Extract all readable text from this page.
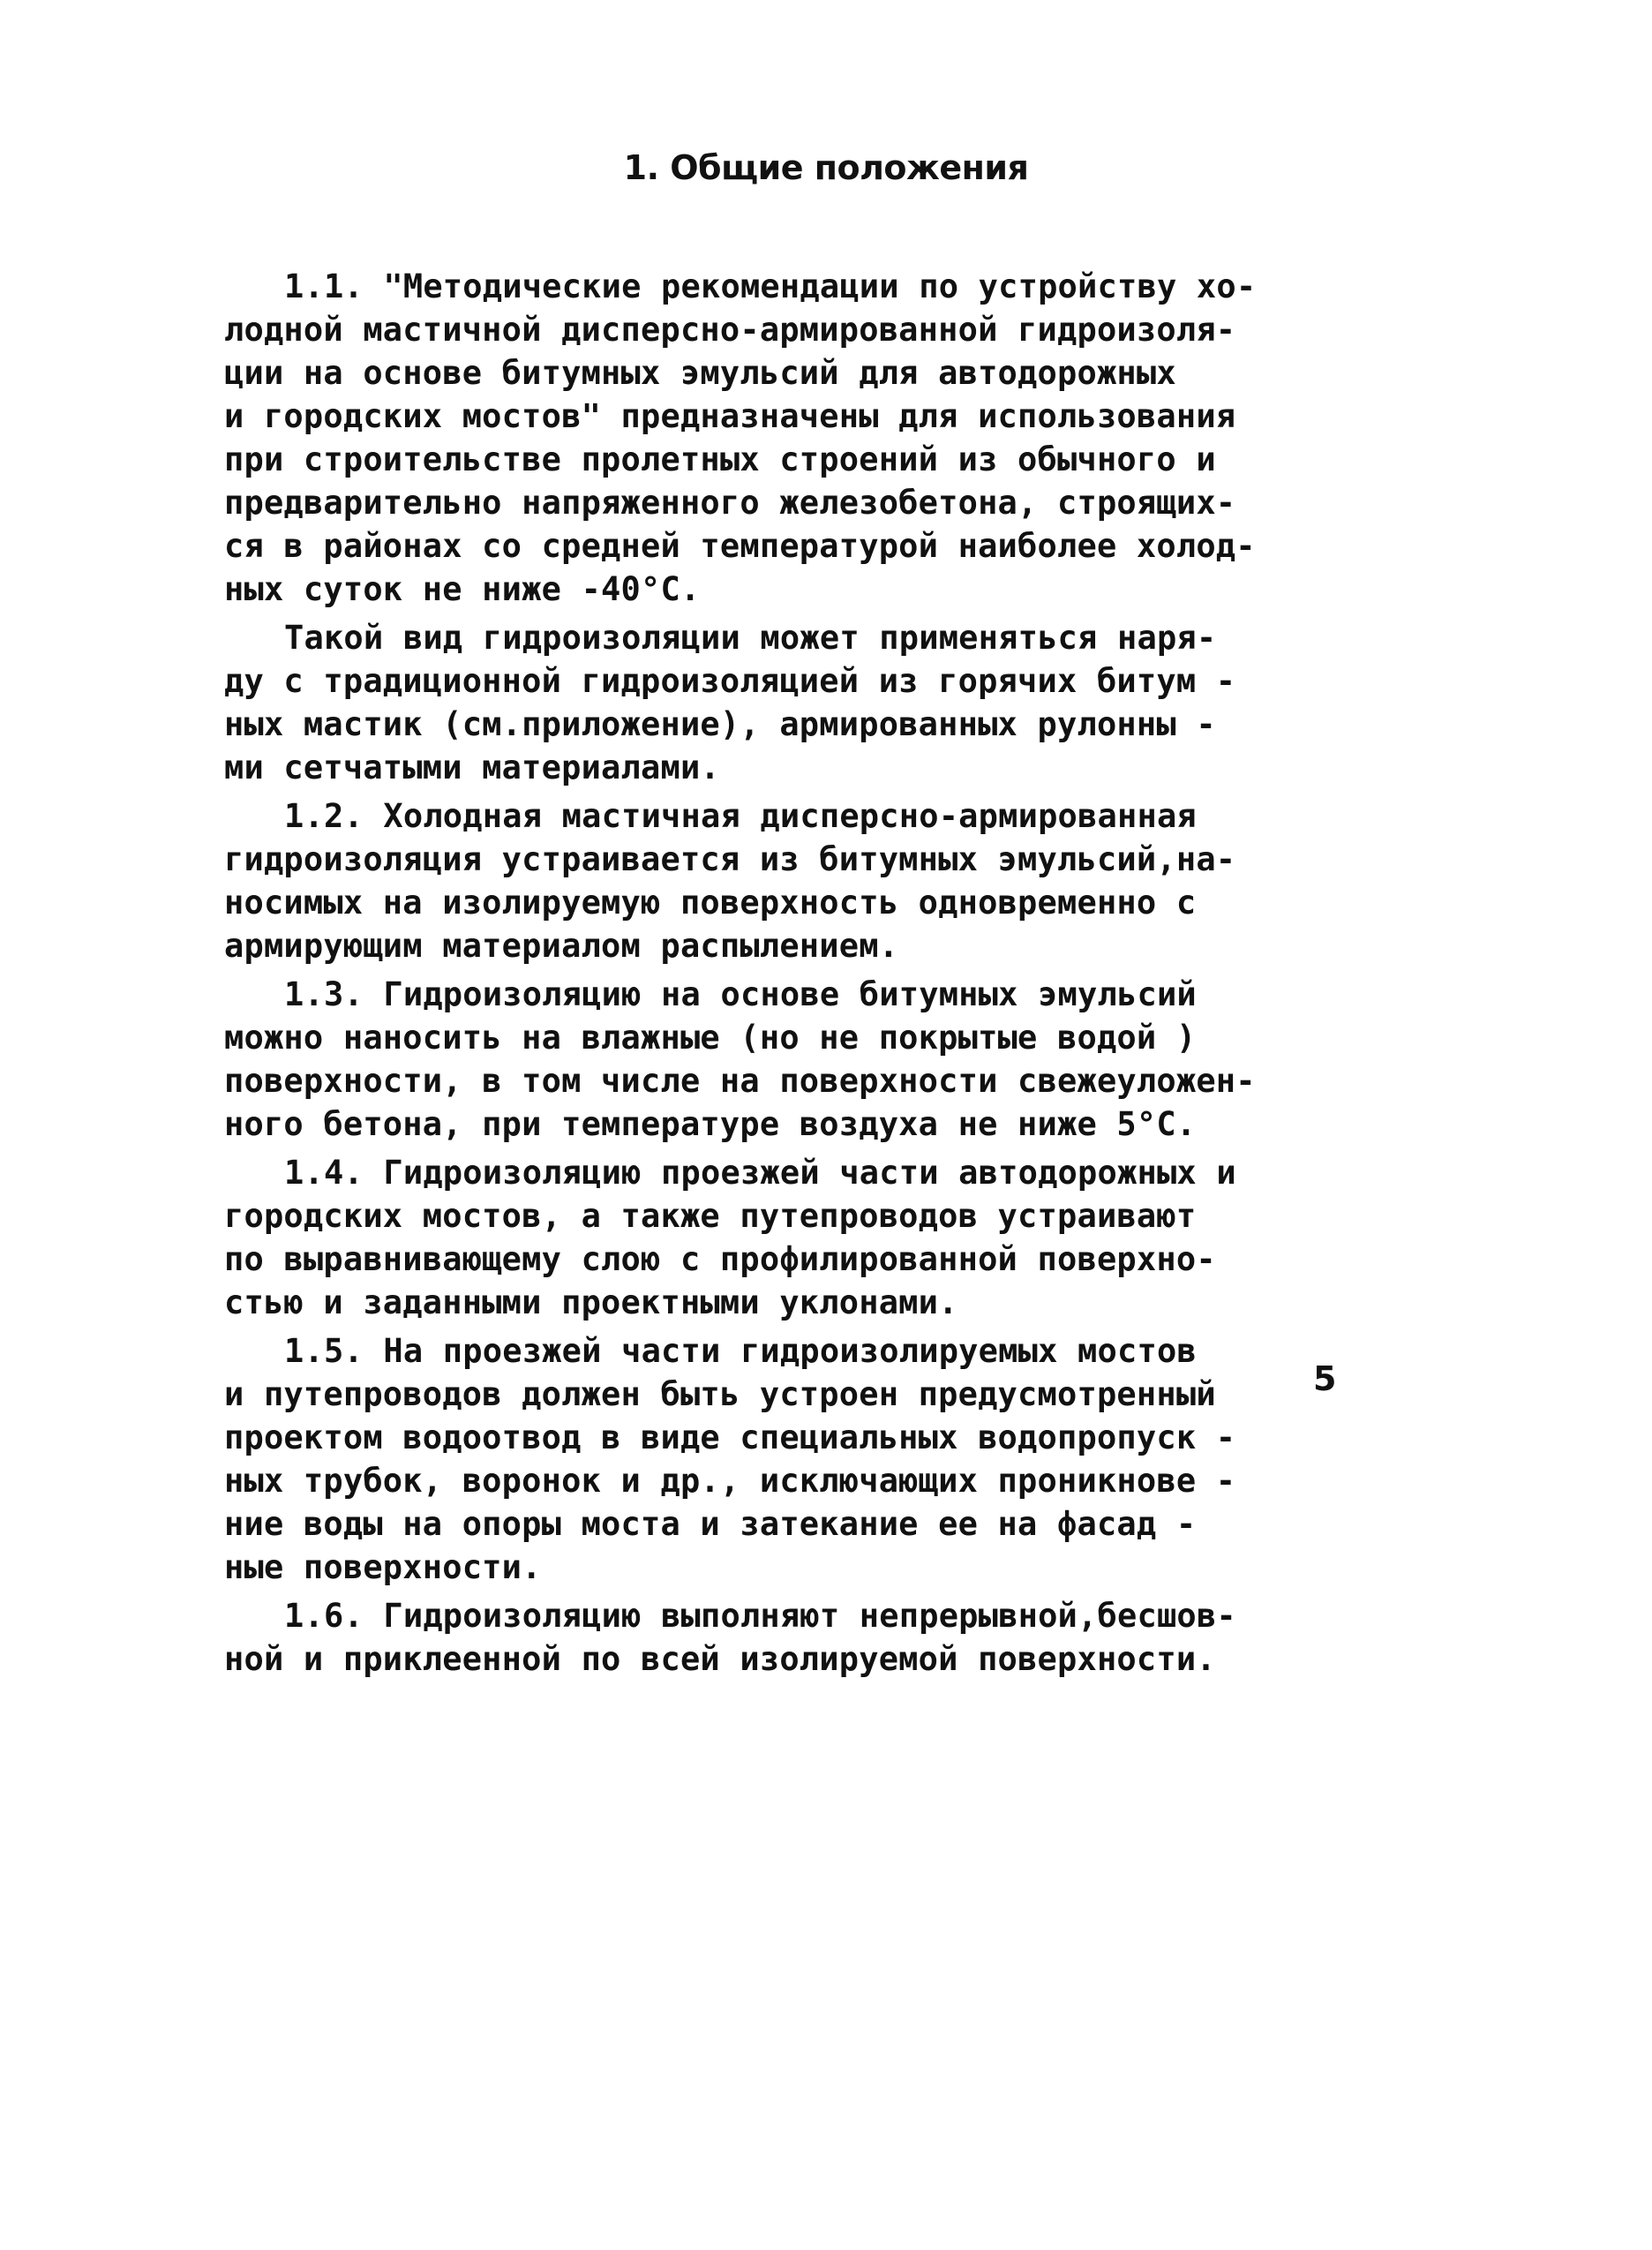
1. Общие положения
1.1. "Методические рекомендации по устройству хо-
лодной мастичной дисперсно-армированной гидроизоля-
ции на основе битумных эмульсий для автодорожных
и городских мостов" предназначены для использования
при строительстве пролетных строений из обычного и
предварительно напряженного железобетона, строящих-
ся в районах со средней температурой наиболее холод-
ных суток не ниже -40°С.
Такой вид гидроизоляции может применяться наря-
ду с традиционной гидроизоляцией из горячих битум -
ных мастик (см.приложение), армированных рулонны -
ми сетчатыми материалами.
1.2. Холодная мастичная дисперсно-армированная
гидроизоляция устраивается из битумных эмульсий,на-
носимых на изолируемую поверхность одновременно с
армирующим материалом распылением.
1.3. Гидроизоляцию на основе битумных эмульсий
можно наносить на влажные (но не покрытые водой )
поверхности, в том числе на поверхности свежеуложен-
ного бетона, при температуре воздуха не ниже 5°С.
1.4. Гидроизоляцию проезжей части автодорожных и
городских мостов, а также путепроводов устраивают
по выравнивающему слою с профилированной поверхно-
стью и заданными проектными уклонами.
1.5. На проезжей части гидроизолируемых мостов
и путепроводов должен быть устроен предусмотренный
проектом водоотвод в виде специальных водопропуск -
ных трубок, воронок и др., исключающих проникнове -
ние воды на опоры моста и затекание ее на фасад -
ные поверхности.
1.6. Гидроизоляцию выполняют непрерывной,бесшов-
ной и приклеенной по всей изолируемой поверхности.
5
